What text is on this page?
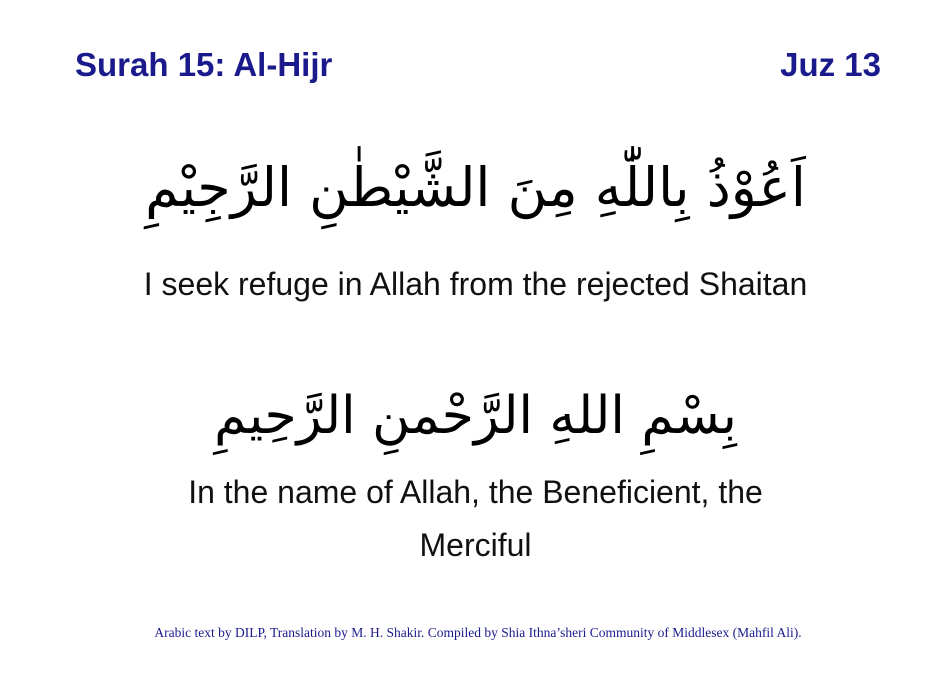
Surah 15: Al-Hijr	Juz 13
اَعُوْذُ بِاللّٰهِ مِنَ الشَّيْطٰنِ الرَّجِيْمِ
I seek refuge in Allah from the rejected Shaitan
بِسْمِ اللهِ الرَّحْمنِ الرَّحِيمِ
In the name of Allah, the Beneficient, the
Merciful
Arabic text by DILP, Translation by M. H. Shakir. Compiled by Shia Ithna’sheri Community of Middlesex (Mahfil Ali).
